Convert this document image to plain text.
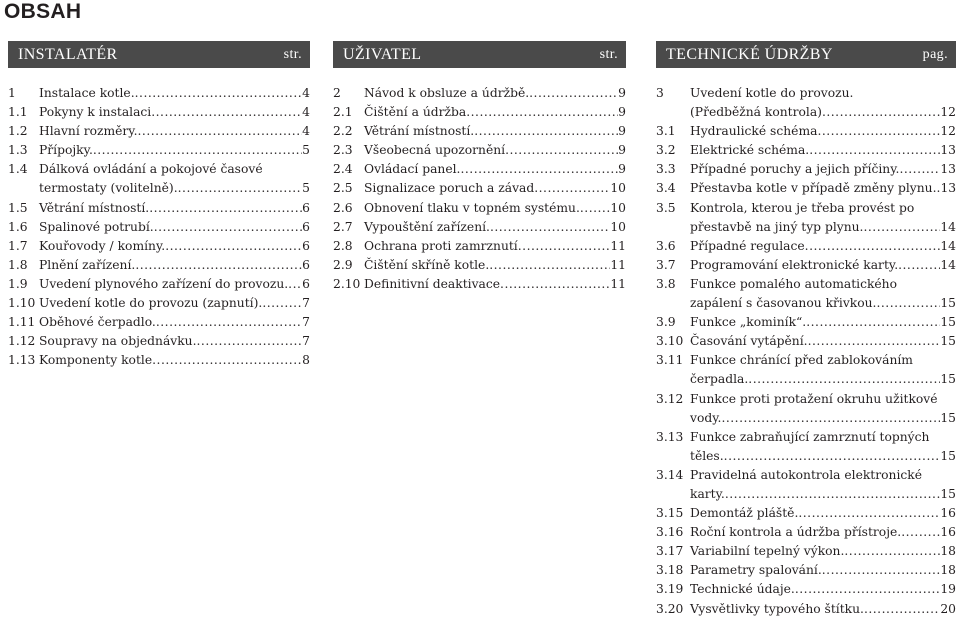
OBSAH
INSTALATÉR	str.
1	Instalace kotle. .....	4
1.1 Pokyny k instalaci .....	4
1.2 Hlavní rozměry. .....	4
1.3 Přípojky. .....	5
1.4 Dálková ovládání a pokojové časové
termostaty (volitelně). .....	5
1.5 Větrání místností. .....	6
1.6 Spalinové potrubí. .....	6
1.7 Kouřovody / komíny. .....	6
1.8 Plnění zařízení. .....	6
1.9 Uvedení plynového zařízení do provozu. ..... 6
1.10 Uvedení kotle do provozu (zapnutí). .....	7
1.11 Oběhové čerpadlo. .....	7
1.12 Soupravy na objednávku. .....	7
1.13 Komponenty kotle .....	8
UŽIVATEL	str.
2	Návod k obsluze a údržbě. .....	9
2.1 Čištění a údržba .....	9
2.2 Větrání místností. .....	9
2.3 Všeobecná upozornění .....	9
2.4 Ovládací panel. .....	9
2.5 Signalizace poruch a závad .....	10
2.6 Obnovení tlaku v topném systému. ..... 10
2.7 Vypouštění zařízení. .....	10
2.8 Ochrana proti zamrznutí .....	11
2.9 Čištění skříně kotle. .....	11
2.10 Definitivní deaktivace .....	11
TECHNICKÉ ÚDRŽBY	pag.
3	Uvedení kotle do provozu.
(Předběžná kontrola) .....	12
3.1	Hydraulické schéma .....	12
3.2	Elektrické schéma. .....	13
3.3	Případné poruchy a jejich příčiny. .....	13
3.4	Přestavba kotle v případě změny plynu. ..... 13
3.5	Kontrola, kterou je třeba provést po
přestavbě na jiný typ plynu. .....	14
3.6	Případné regulace .....	14
3.7	Programování elektronické karty. .....	14
3.8	Funkce pomalého automatického
zapálení s časovanou křivkou. .....	15
3.9	Funkce „kominík“. .....	15
3.10 Časování vytápění. .....	15
3.11 Funkce chránící před zablokováním
čerpadla. .....	15
3.12 Funkce proti protažení okruhu užitkové
vody. .....	15
3.13 Funkce zabraňující zamrznutí topných
těles. .....	15
3.14 Pravidelná autokontrola elektronické
karty. .....	15
3.15 Demontáž pláště. .....	16
3.16 Roční kontrola a údržba přístroje. .....	16
3.17 Variabilní tepelný výkon. .....	18
3.18 Parametry spalování. .....	18
3.19 Technické údaje. .....	19
3.20 Vysvětlivky typového štítku. .....	20
